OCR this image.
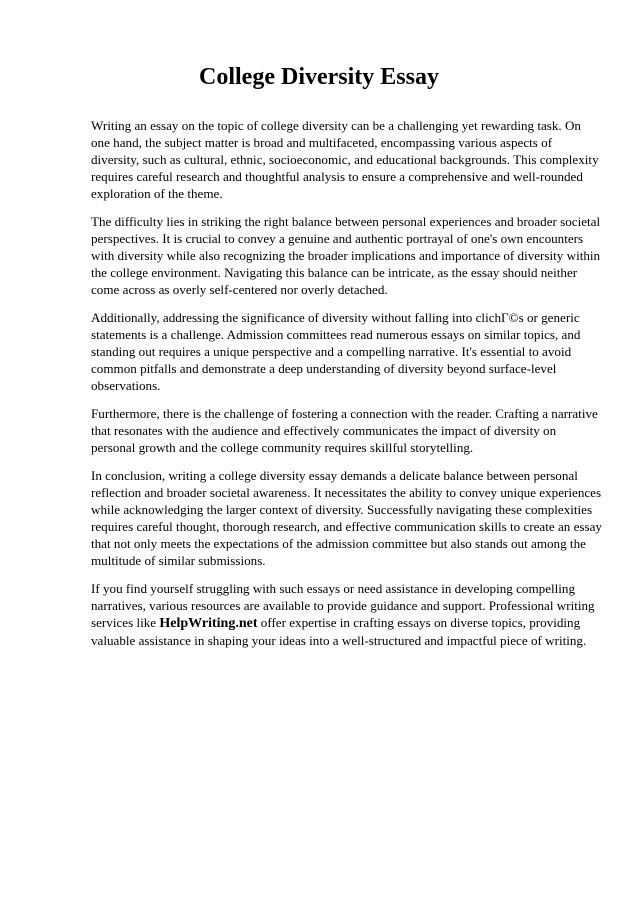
College Diversity Essay

Writing an essay on the topic of college diversity can be a challenging yet rewarding task. On one hand, the subject matter is broad and multifaceted, encompassing various aspects of diversity, such as cultural, ethnic, socioeconomic, and educational backgrounds. This complexity requires careful research and thoughtful analysis to ensure a comprehensive and well-rounded exploration of the theme.

The difficulty lies in striking the right balance between personal experiences and broader societal perspectives. It is crucial to convey a genuine and authentic portrayal of one's own encounters with diversity while also recognizing the broader implications and importance of diversity within the college environment. Navigating this balance can be intricate, as the essay should neither come across as overly self-centered nor overly detached.

Additionally, addressing the significance of diversity without falling into clichГ©s or generic statements is a challenge. Admission committees read numerous essays on similar topics, and standing out requires a unique perspective and a compelling narrative. It's essential to avoid common pitfalls and demonstrate a deep understanding of diversity beyond surface-level observations.

Furthermore, there is the challenge of fostering a connection with the reader. Crafting a narrative that resonates with the audience and effectively communicates the impact of diversity on personal growth and the college community requires skillful storytelling.

In conclusion, writing a college diversity essay demands a delicate balance between personal reflection and broader societal awareness. It necessitates the ability to convey unique experiences while acknowledging the larger context of diversity. Successfully navigating these complexities requires careful thought, thorough research, and effective communication skills to create an essay that not only meets the expectations of the admission committee but also stands out among the multitude of similar submissions.

If you find yourself struggling with such essays or need assistance in developing compelling narratives, various resources are available to provide guidance and support. Professional writing services like HelpWriting.net offer expertise in crafting essays on diverse topics, providing valuable assistance in shaping your ideas into a well-structured and impactful piece of writing.
